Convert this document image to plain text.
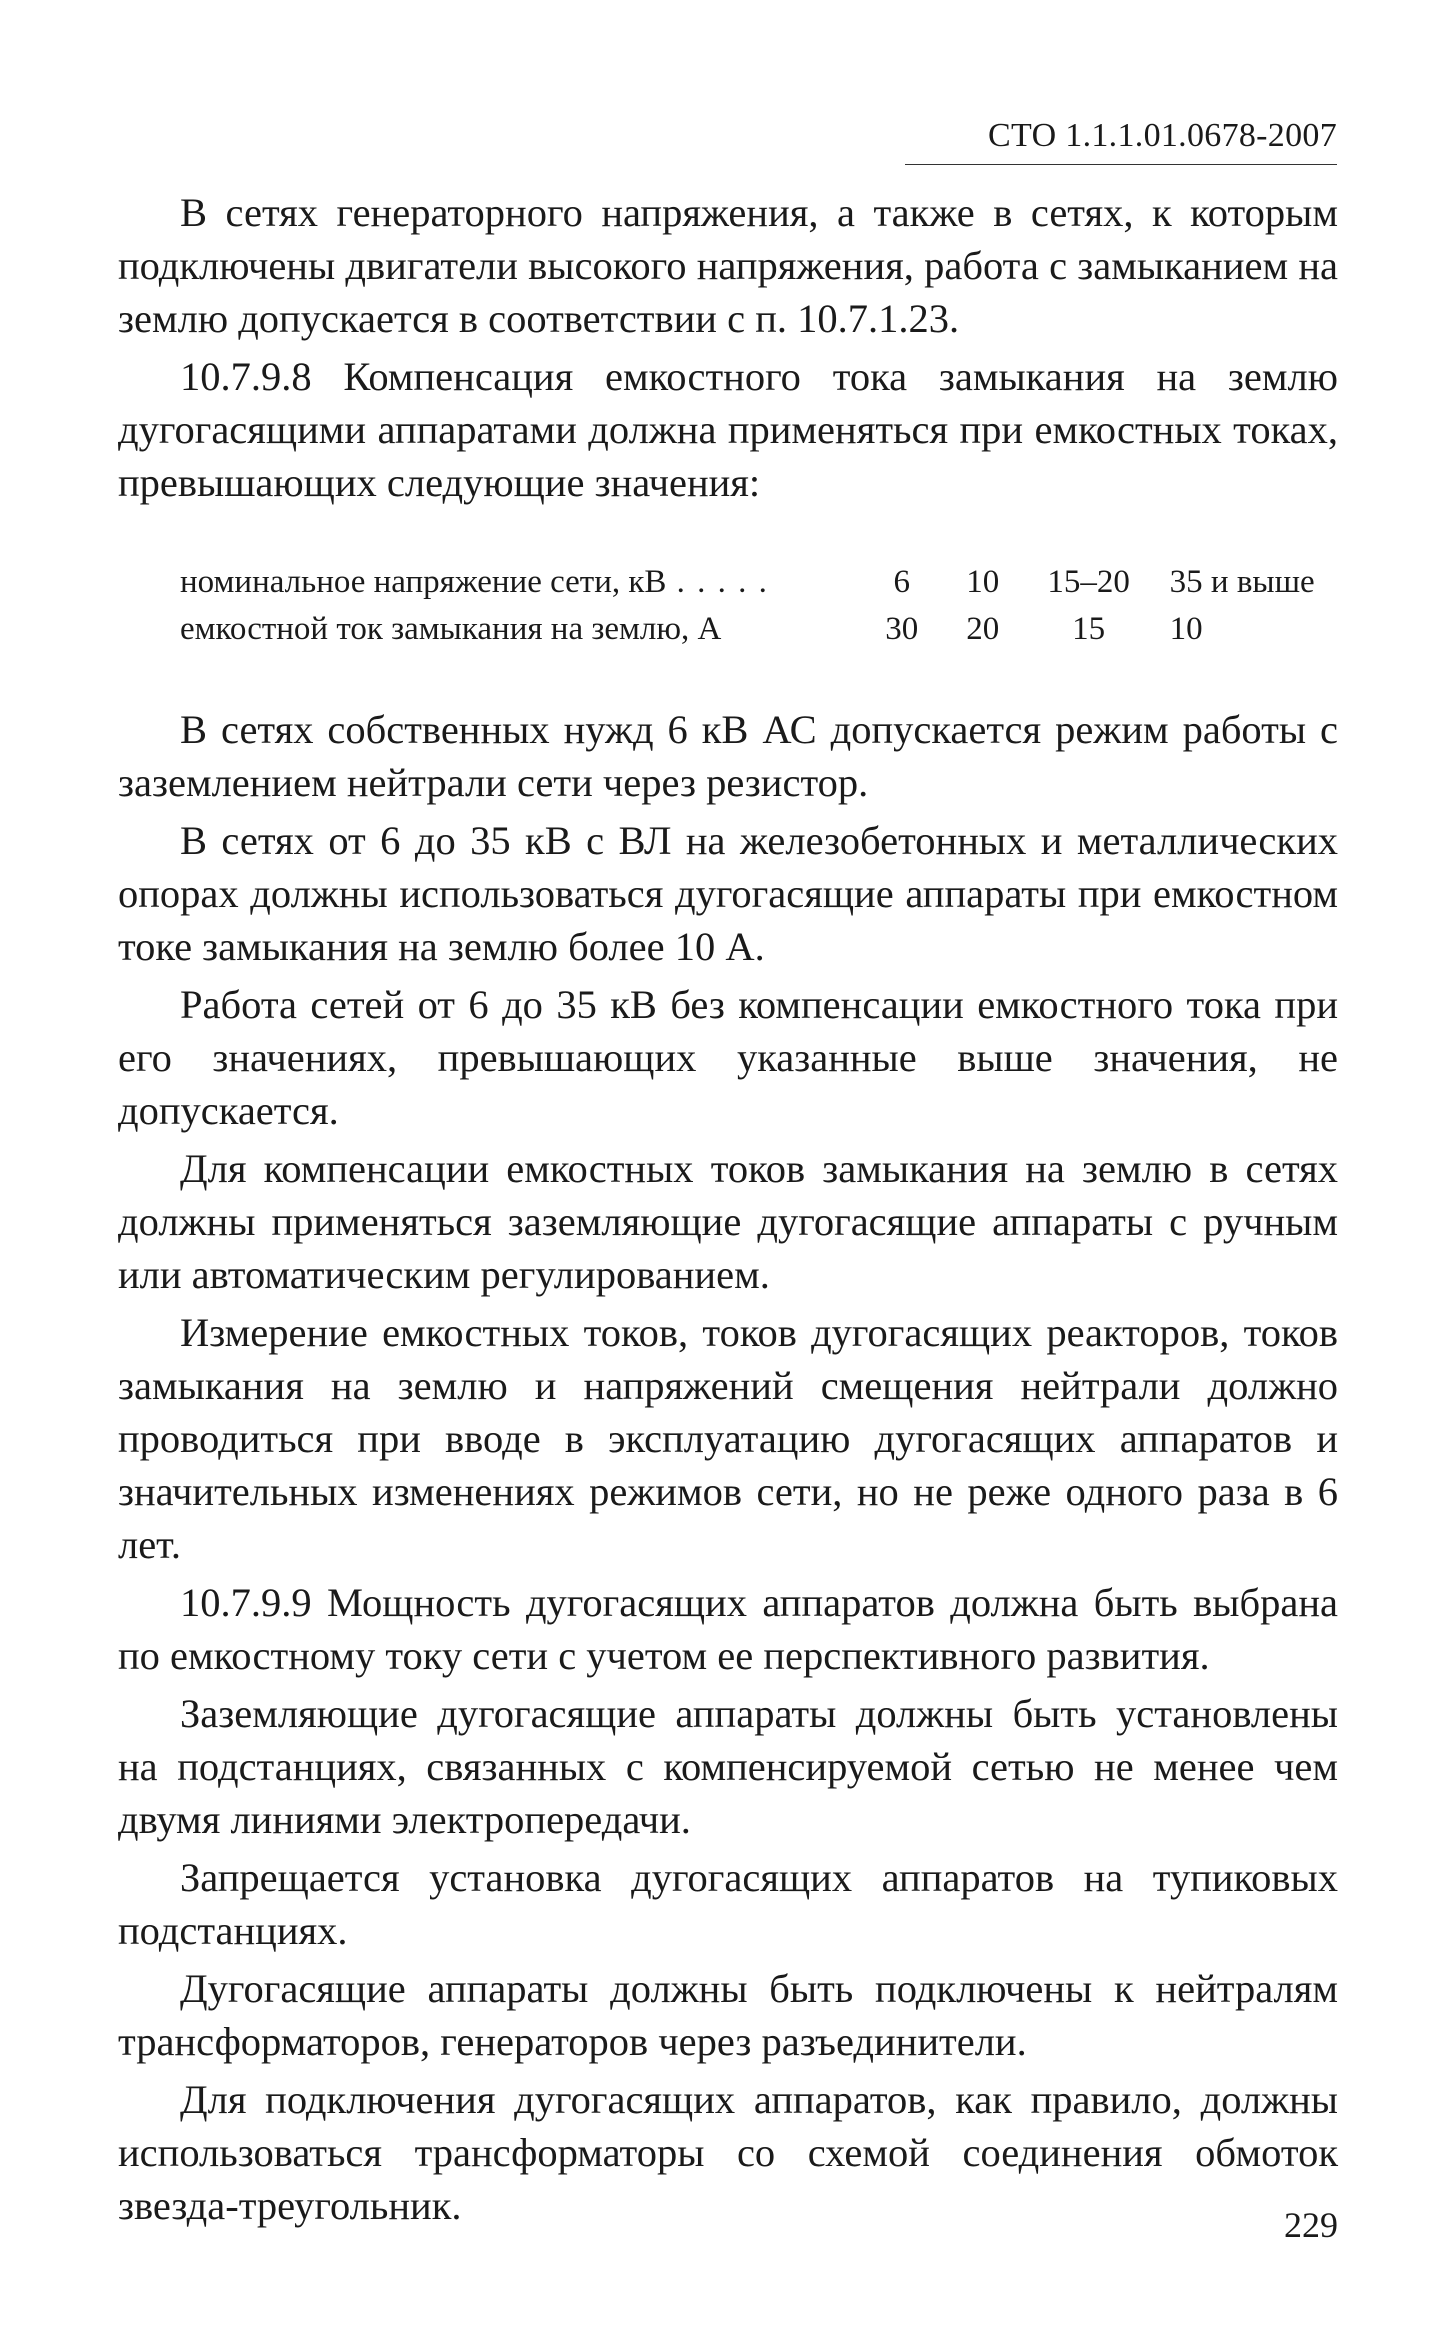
СТО 1.1.1.01.0678-2007

В сетях генераторного напряжения, а также в сетях, к которым подключены двигатели высокого напряжения, работа с замыканием на землю допускается в соответствии с п. 10.7.1.23.

10.7.9.8 Компенсация емкостного тока замыкания на землю дугогасящими аппаратами должна применяться при емкостных токах, превышающих следующие значения:

номинальное напряжение сети, кВ . . . . .	6	10	15–20	35 и выше
емкостной ток замыкания на землю, А	30	20	15	10

В сетях собственных нужд 6 кВ АС допускается режим работы с заземлением нейтрали сети через резистор.

В сетях от 6 до 35 кВ с ВЛ на железобетонных и металлических опорах должны использоваться дугогасящие аппараты при емкостном токе замыкания на землю более 10 А.

Работа сетей от 6 до 35 кВ без компенсации емкостного тока при его значениях, превышающих указанные выше значения, не допускается.

Для компенсации емкостных токов замыкания на землю в сетях должны применяться заземляющие дугогасящие аппараты с ручным или автоматическим регулированием.

Измерение емкостных токов, токов дугогасящих реакторов, токов замыкания на землю и напряжений смещения нейтрали должно проводиться при вводе в эксплуатацию дугогасящих аппаратов и значительных изменениях режимов сети, но не реже одного раза в 6 лет.

10.7.9.9 Мощность дугогасящих аппаратов должна быть выбрана по емкостному току сети с учетом ее перспективного развития.

Заземляющие дугогасящие аппараты должны быть установлены на подстанциях, связанных с компенсируемой сетью не менее чем двумя линиями электропередачи.

Запрещается установка дугогасящих аппаратов на тупиковых подстанциях.

Дугогасящие аппараты должны быть подключены к нейтралям трансформаторов, генераторов через разъединители.

Для подключения дугогасящих аппаратов, как правило, должны использоваться трансформаторы со схемой соединения обмоток звезда-треугольник.	229
